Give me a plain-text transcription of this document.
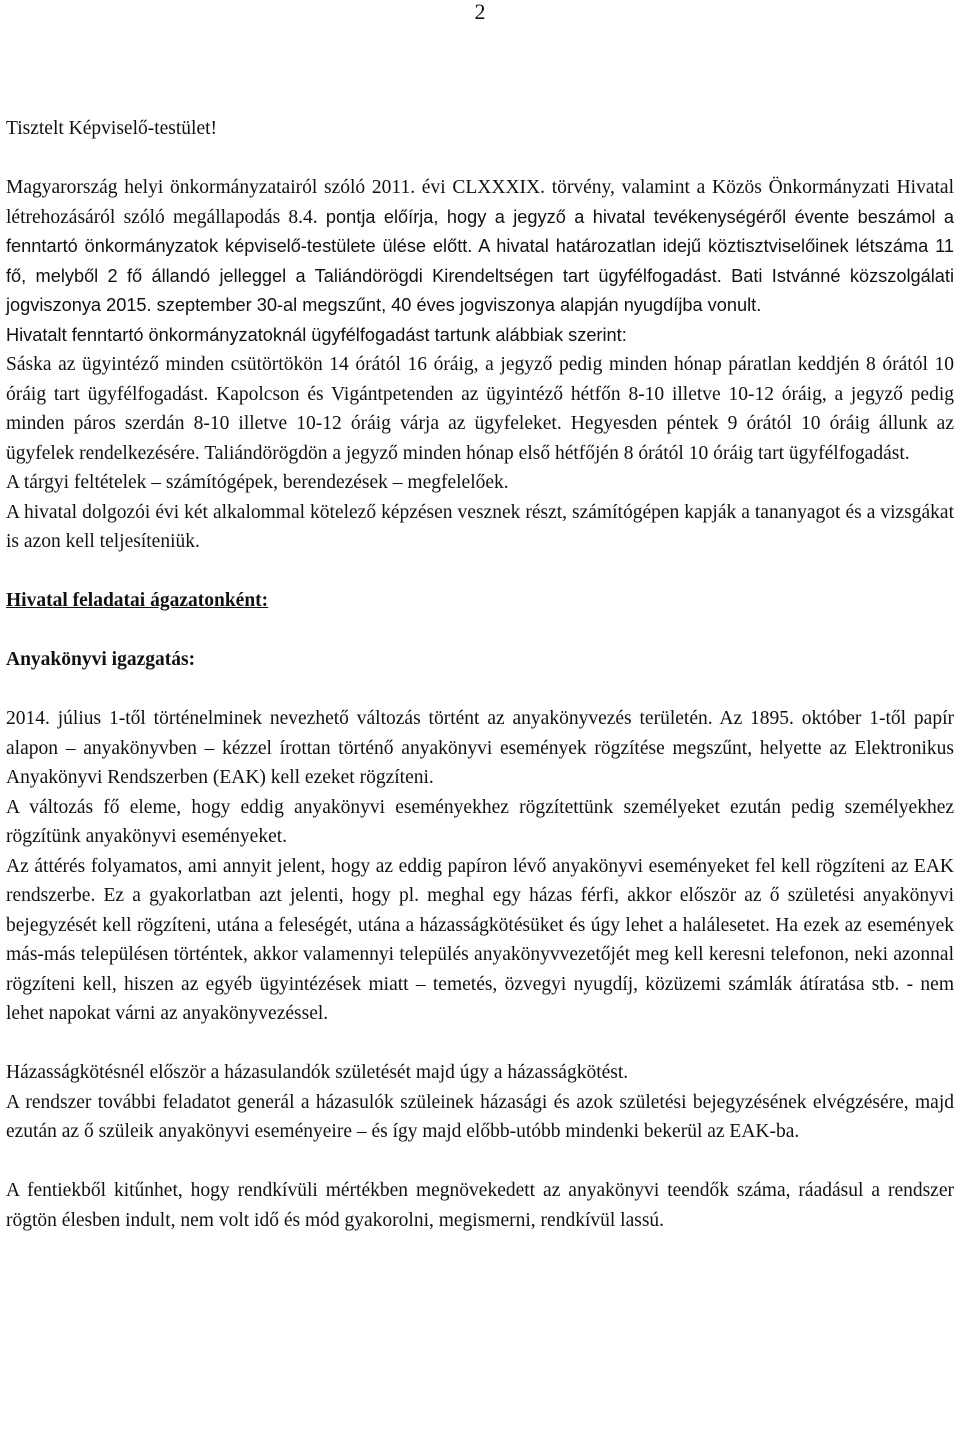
2

Tisztelt Képviselő-testület!

Magyarország helyi önkormányzatairól szóló 2011. évi CLXXXIX. törvény, valamint a Közös Önkormányzati Hivatal létrehozásáról szóló megállapodás 8.4. pontja előírja, hogy a jegyző a hivatal tevékenységéről évente beszámol a fenntartó önkormányzatok képviselő-testülete ülése előtt. A hivatal határozatlan idejű köztisztviselőinek létszáma 11 fő, melyből 2 fő állandó jelleggel a Taliándörögdi Kirendeltségen tart ügyfélfogadást. Bati Istvánné közszolgálati jogviszonya 2015. szeptember 30-al megszűnt, 40 éves jogviszonya alapján nyugdíjba vonult.

Hivatalt fenntartó önkormányzatoknál ügyfélfogadást tartunk alábbiak szerint:

Sáska az ügyintéző minden csütörtökön 14 órától 16 óráig, a jegyző pedig minden hónap páratlan keddjén 8 órától 10 óráig tart ügyfélfogadást. Kapolcson és Vigántpetenden az ügyintéző hétfőn 8-10 illetve 10-12 óráig, a jegyző pedig minden páros szerdán 8-10 illetve 10-12 óráig várja az ügyfeleket. Hegyesden péntek 9 órától 10 óráig állunk az ügyfelek rendelkezésére. Taliándörögdön a jegyző minden hónap első hétfőjén 8 órától 10 óráig tart ügyfélfogadást.

A tárgyi feltételek – számítógépek, berendezések – megfelelőek.

A hivatal dolgozói évi két alkalommal kötelező képzésen vesznek részt, számítógépen kapják a tananyagot és a vizsgákat is azon kell teljesíteniük.

Hivatal feladatai ágazatonként:

Anyakönyvi igazgatás:

2014. július 1-től történelminek nevezhető változás történt az anyakönyvezés területén. Az 1895. október 1-től papír alapon – anyakönyvben – kézzel írottan történő anyakönyvi események rögzítése megszűnt, helyette az Elektronikus Anyakönyvi Rendszerben (EAK) kell ezeket rögzíteni.

A változás fő eleme, hogy eddig anyakönyvi eseményekhez rögzítettünk személyeket ezután pedig személyekhez rögzítünk anyakönyvi eseményeket.

Az áttérés folyamatos, ami annyit jelent, hogy az eddig papíron lévő anyakönyvi eseményeket fel kell rögzíteni az EAK rendszerbe. Ez a gyakorlatban azt jelenti, hogy pl. meghal egy házas férfi, akkor először az ő születési anyakönyvi bejegyzését kell rögzíteni, utána a feleségét, utána a házasságkötésüket és úgy lehet a halálesetet. Ha ezek az események más-más településen történtek, akkor valamennyi település anyakönyvvezetőjét meg kell keresni telefonon, neki azonnal rögzíteni kell, hiszen az egyéb ügyintézések miatt – temetés, özvegyi nyugdíj, közüzemi számlák átíratása stb. - nem lehet napokat várni az anyakönyvezéssel.

Házasságkötésnél először a házasulandók születését majd úgy a házasságkötést.

A rendszer további feladatot generál a házasulók szüleinek házasági és azok születési bejegyzésének elvégzésére, majd ezután az ő szüleik anyakönyvi eseményeire – és így majd előbb-utóbb mindenki bekerül az EAK-ba.

A fentiekből kitűnhet, hogy rendkívüli mértékben megnövekedett az anyakönyvi teendők száma, ráadásul a rendszer rögtön élesben indult, nem volt idő és mód gyakorolni, megismerni, rendkívül lassú.
